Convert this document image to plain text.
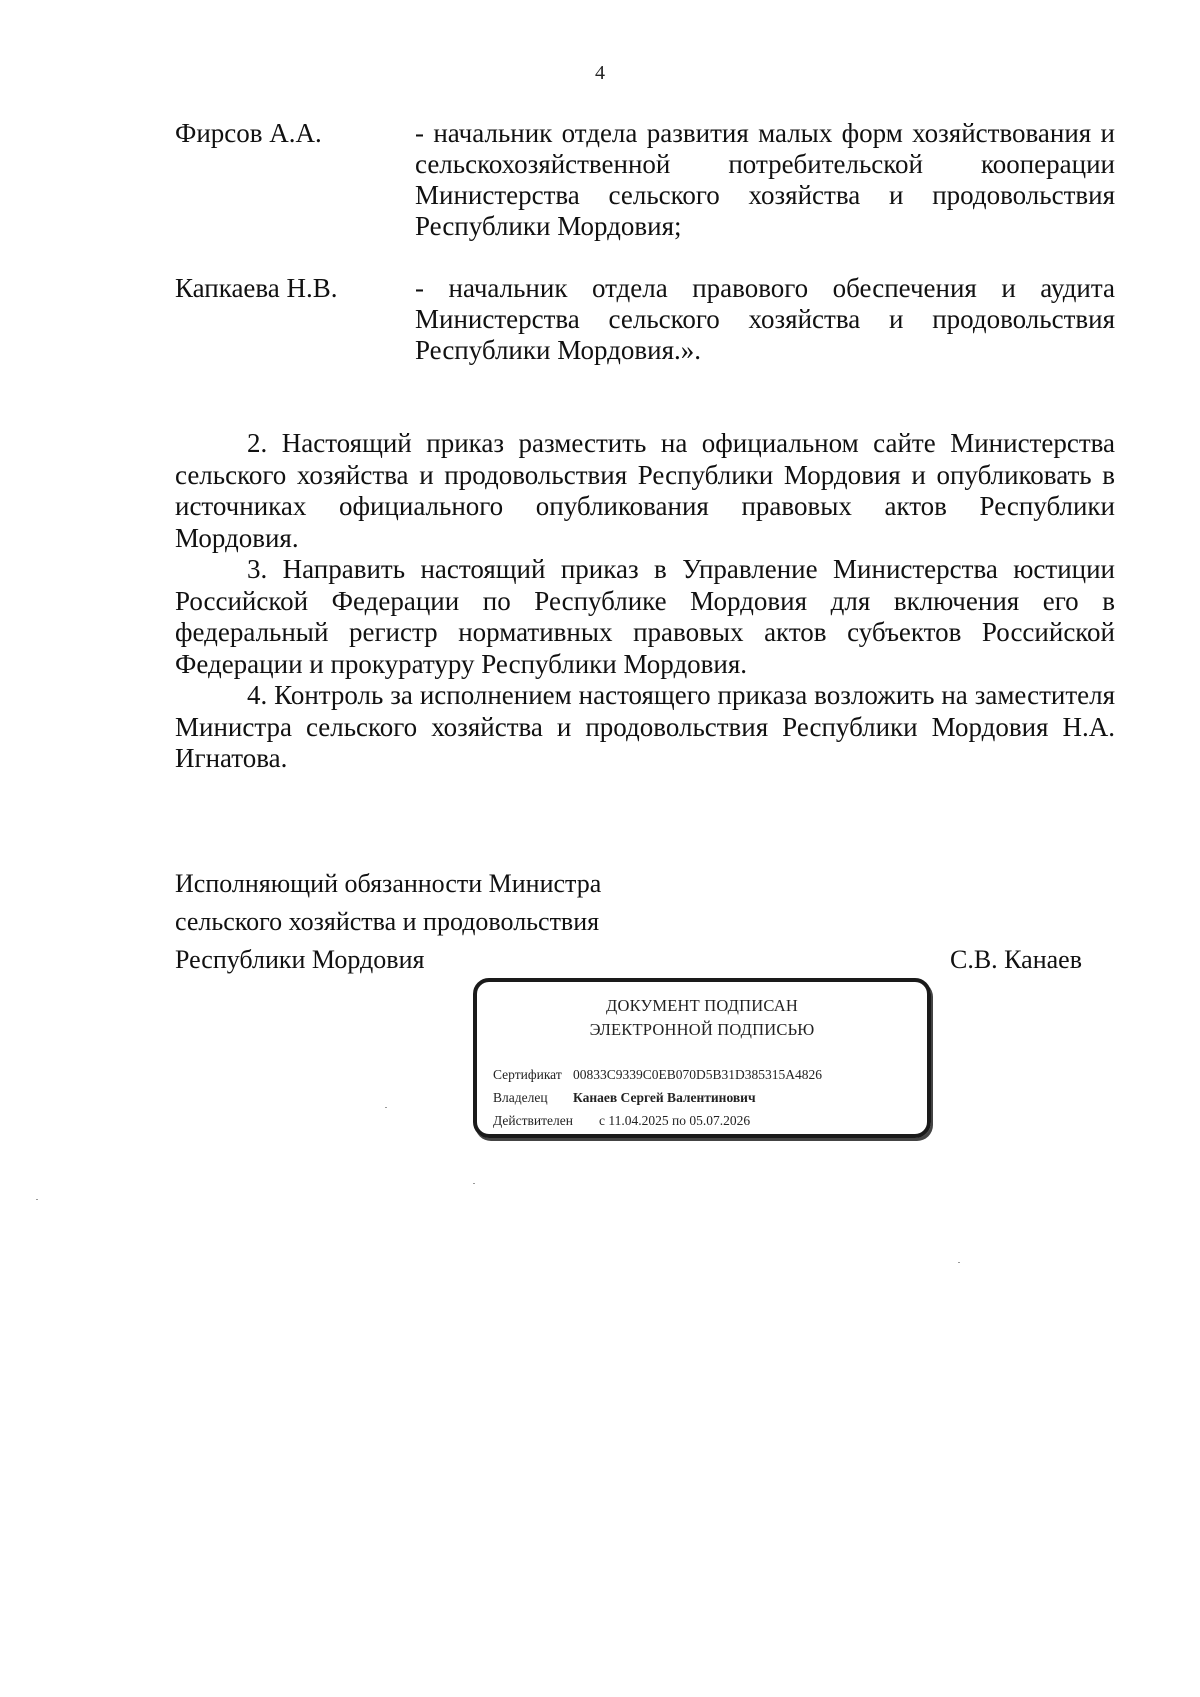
4
Фирсов А.А.	- начальник отдела развития малых форм хозяйствования и сельскохозяйственной потребительской кооперации Министерства сельского хозяйства и продовольствия Республики Мордовия;
Капкаева Н.В.	- начальник отдела правового обеспечения и аудита Министерства сельского хозяйства и продовольствия Республики Мордовия.».

2. Настоящий приказ разместить на официальном сайте Министерства сельского хозяйства и продовольствия Республики Мордовия и опубликовать в источниках официального опубликования правовых актов Республики Мордовия.

3. Направить настоящий приказ в Управление Министерства юстиции Российской Федерации по Республике Мордовия для включения его в федеральный регистр нормативных правовых актов субъектов Российской Федерации и прокуратуру Республики Мордовия.

4. Контроль за исполнением настоящего приказа возложить на заместителя Министра сельского хозяйства и продовольствия Республики Мордовия Н.А. Игнатова.

Исполняющий обязанности Министра
сельского хозяйства и продовольствия
Республики Мордовия	С.В. Канаев
ДОКУМЕНТ ПОДПИСАН
ЭЛЕКТРОННОЙ ПОДПИСЬЮ
Сертификат 00833C9339C0EB070D5B31D385315A4826
Владелец Канаев Сергей Валентинович
Действителен с 11.04.2025 по 05.07.2026
